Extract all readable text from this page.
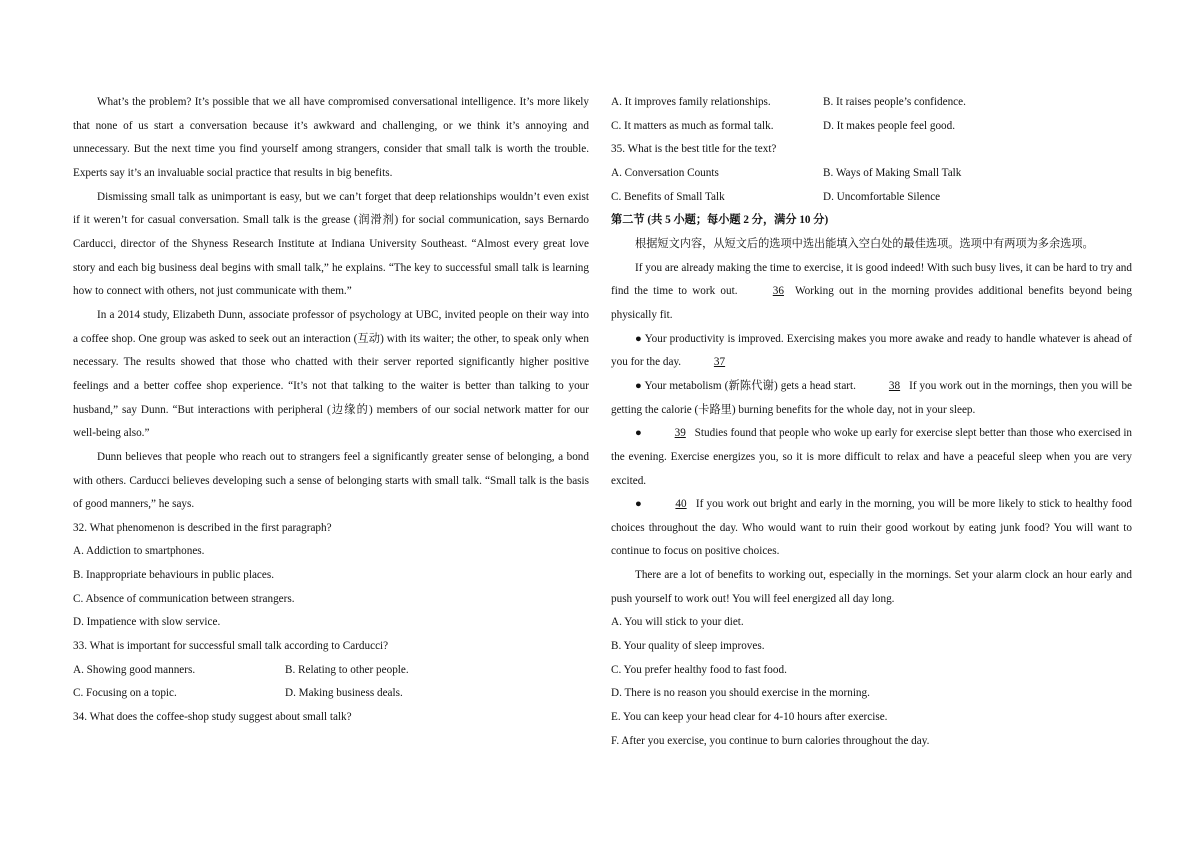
What’s the problem? It’s possible that we all have compromised conversational intelligence. It’s more likely that none of us start a conversation because it’s awkward and challenging, or we think it’s annoying and unnecessary. But the next time you find yourself among strangers, consider that small talk is worth the trouble. Experts say it’s an invaluable social practice that results in big benefits.

Dismissing small talk as unimportant is easy, but we can’t forget that deep relationships wouldn’t even exist if it weren’t for casual conversation. Small talk is the grease (润滑剂) for social communication, says Bernardo Carducci, director of the Shyness Research Institute at Indiana University Southeast. “Almost every great love story and each big business deal begins with small talk,” he explains. “The key to successful small talk is learning how to connect with others, not just communicate with them.”

In a 2014 study, Elizabeth Dunn, associate professor of psychology at UBC, invited people on their way into a coffee shop. One group was asked to seek out an interaction (互动) with its waiter; the other, to speak only when necessary. The results showed that those who chatted with their server reported significantly higher positive feelings and a better coffee shop experience. “It’s not that talking to the waiter is better than talking to your husband,” say Dunn. “But interactions with peripheral (边缘的) members of our social network matter for our well-being also.”

Dunn believes that people who reach out to strangers feel a significantly greater sense of belonging, a bond with others. Carducci believes developing such a sense of belonging starts with small talk. “Small talk is the basis of good manners,” he says.

32. What phenomenon is described in the first paragraph?

A. Addiction to smartphones.

B. Inappropriate behaviours in public places.

C. Absence of communication between strangers.

D. Impatience with slow service.

33. What is important for successful small talk according to Carducci?

A. Showing good manners.	B. Relating to other people.
C. Focusing on a topic.	D. Making business deals.

34. What does the coffee-shop study suggest about small talk?

A. It improves family relationships.	B. It raises people’s confidence.
C. It matters as much as formal talk.	D. It makes people feel good.

35. What is the best title for the text?

A. Conversation Counts	B. Ways of Making Small Talk
C. Benefits of Small Talk	D. Uncomfortable Silence

第二节 (共 5 小题；每小题 2 分，满分 10 分)

根据短文内容，从短文后的选项中选出能填入空白处的最佳选项。选项中有两项为多余选项。

If you are already making the time to exercise, it is good indeed! With such busy lives, it can be hard to try and find the time to work out.	36 Working out in the morning provides additional benefits beyond being physically fit.

● Your productivity is improved. Exercising makes you more awake and ready to handle whatever is ahead of you for the day.	37

● Your metabolism (新陈代谢) gets a head start.	38 If you work out in the mornings, then you will be getting the calorie (卡路里) burning benefits for the whole day, not in your sleep.

●	39 Studies found that people who woke up early for exercise slept better than those who exercised in the evening. Exercise energizes you, so it is more difficult to relax and have a peaceful sleep when you are very excited.

●	40 If you work out bright and early in the morning, you will be more likely to stick to healthy food choices throughout the day. Who would want to ruin their good workout by eating junk food? You will want to continue to focus on positive choices.

There are a lot of benefits to working out, especially in the mornings. Set your alarm clock an hour early and push yourself to work out! You will feel energized all day long.

A. You will stick to your diet.

B. Your quality of sleep improves.

C. You prefer healthy food to fast food.

D. There is no reason you should exercise in the morning.

E. You can keep your head clear for 4-10 hours after exercise.

F. After you exercise, you continue to burn calories throughout the day.
